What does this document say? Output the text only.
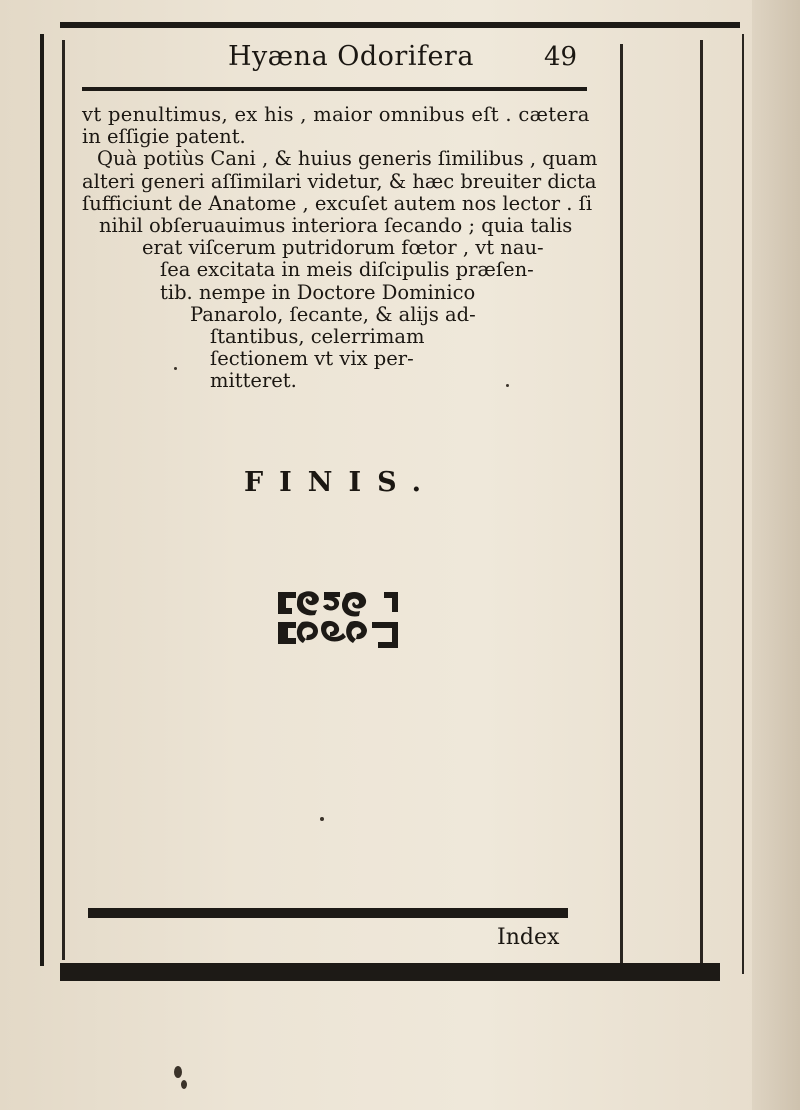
Hyæna Odorifera	49
vt penultimus, ex his , maior omnibus eſt . cætera
in eſſigie patent.
Quà potiùs Cani , & huius generis ſimilibus , quam
alteri generi aſſimilari videtur, & hæc breuiter dicta
ſufficiunt de Anatome , excuſet autem nos lector . ſi
nihil obſeruauimus interiora ſecando ; quia talis
erat viſcerum putridorum fœtor , vt nau-
ſea excitata in meis diſcipulis præſen-
tib. nempe in Doctore Dominico
Panarolo, ſecante, & alijs ad-
ſtantibus, celerrimam
ſectionem vt vix per-
mitteret.
FINIS.
Index
